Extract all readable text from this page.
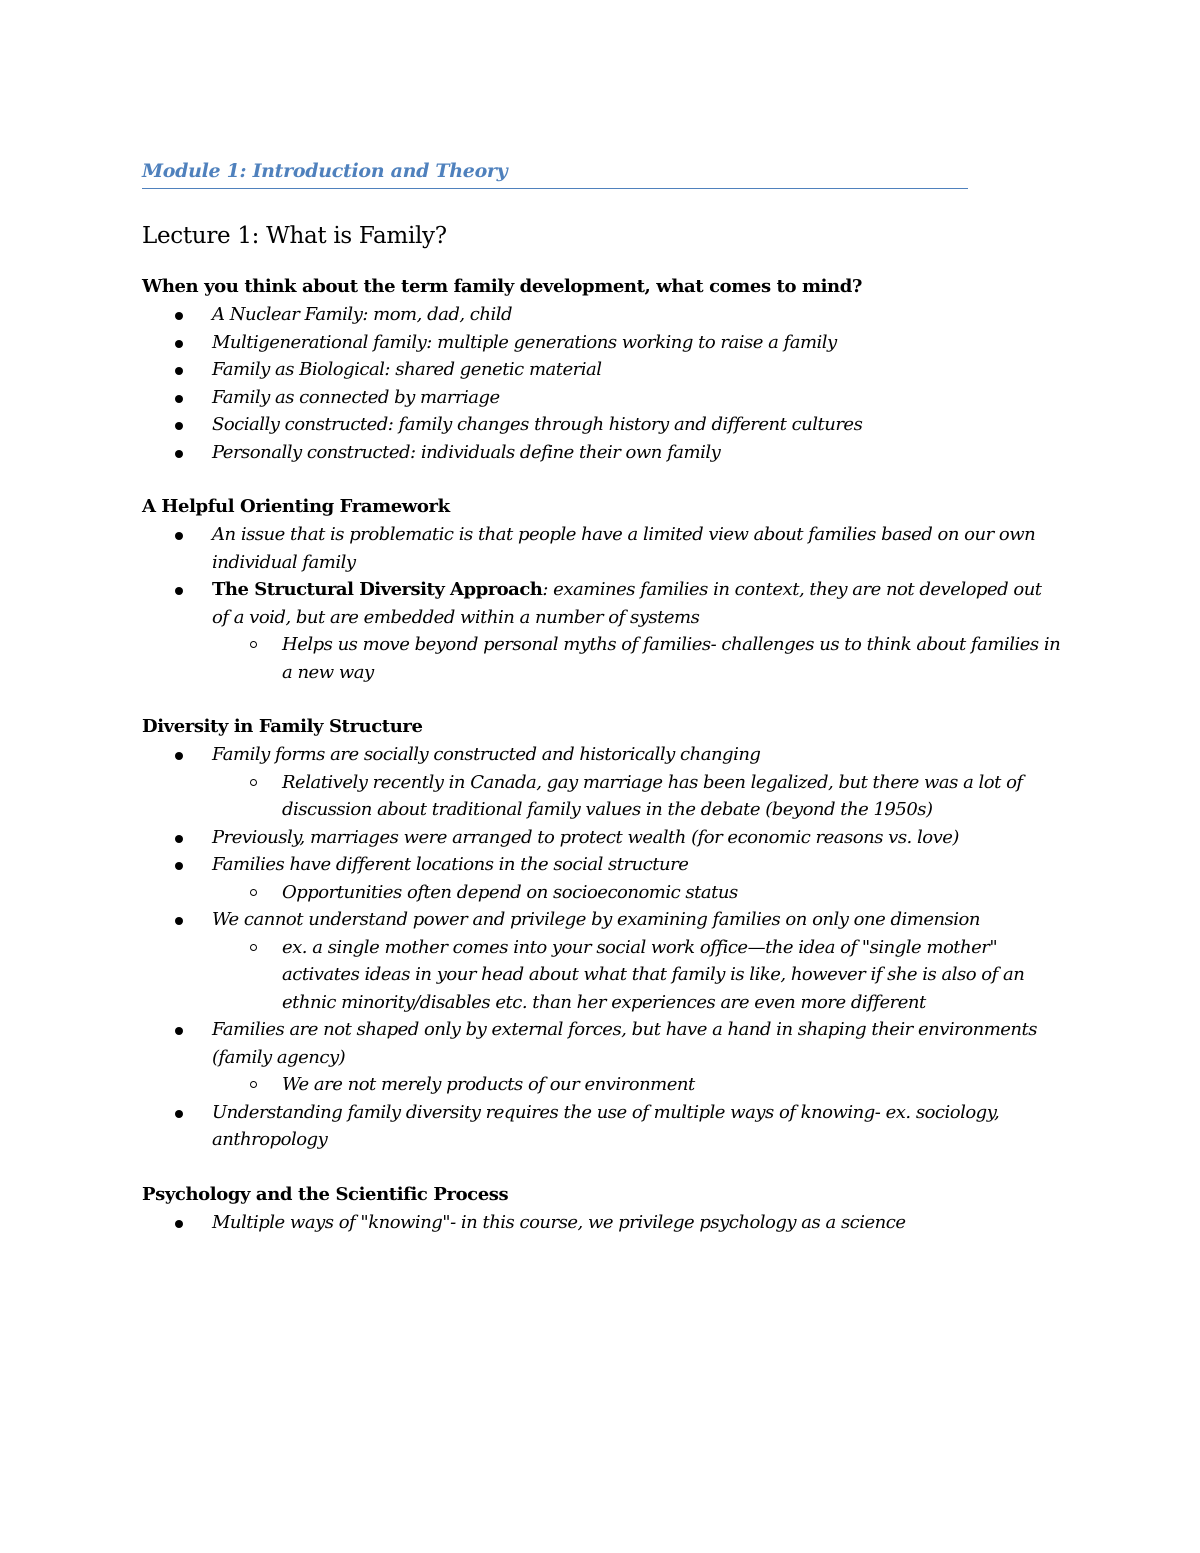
Module 1: Introduction and Theory
Lecture 1: What is Family?
When you think about the term family development, what comes to mind?
A Nuclear Family: mom, dad, child
Multigenerational family: multiple generations working to raise a family
Family as Biological: shared genetic material
Family as connected by marriage
Socially constructed: family changes through history and different cultures
Personally constructed: individuals define their own family
A Helpful Orienting Framework
An issue that is problematic is that people have a limited view about families based on our own individual family
The Structural Diversity Approach: examines families in context, they are not developed out of a void, but are embedded within a number of systems
Helps us move beyond personal myths of families- challenges us to think about families in a new way
Diversity in Family Structure
Family forms are socially constructed and historically changing
Relatively recently in Canada, gay marriage has been legalized, but there was a lot of discussion about traditional family values in the debate (beyond the 1950s)
Previously, marriages were arranged to protect wealth (for economic reasons vs. love)
Families have different locations in the social structure
Opportunities often depend on socioeconomic status
We cannot understand power and privilege by examining families on only one dimension
ex. a single mother comes into your social work office—the idea of "single mother" activates ideas in your head about what that family is like, however if she is also of an ethnic minority/disables etc. than her experiences are even more different
Families are not shaped only by external forces, but have a hand in shaping their environments (family agency)
We are not merely products of our environment
Understanding family diversity requires the use of multiple ways of knowing- ex. sociology, anthropology
Psychology and the Scientific Process
Multiple ways of "knowing"- in this course, we privilege psychology as a science
